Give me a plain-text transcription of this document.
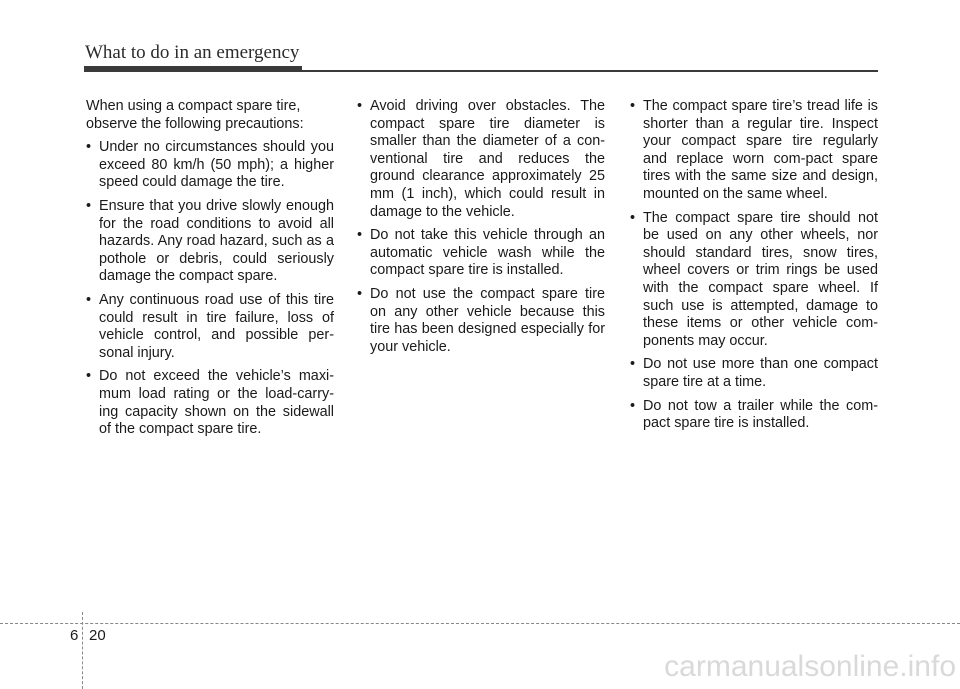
What to do in an emergency

When using a compact spare tire, observe the following precautions:

• Under no circumstances should you exceed 80 km/h (50 mph); a higher speed could damage the tire.
• Ensure that you drive slowly enough for the road conditions to avoid all hazards. Any road hazard, such as a pothole or debris, could seriously damage the compact spare.
• Any continuous road use of this tire could result in tire failure, loss of vehicle control, and possible per-sonal injury.
• Do not exceed the vehicle’s maxi-mum load rating or the load-carry-ing capacity shown on the sidewall of the compact spare tire.
• Avoid driving over obstacles. The compact spare tire diameter is smaller than the diameter of a con-ventional tire and reduces the ground clearance approximately 25 mm (1 inch), which could result in damage to the vehicle.
• Do not take this vehicle through an automatic vehicle wash while the compact spare tire is installed.
• Do not use the compact spare tire on any other vehicle because this tire has been designed especially for your vehicle.
• The compact spare tire’s tread life is shorter than a regular tire. Inspect your compact spare tire regularly and replace worn com-pact spare tires with the same size and design, mounted on the same wheel.
• The compact spare tire should not be used on any other wheels, nor should standard tires, snow tires, wheel covers or trim rings be used with the compact spare wheel. If such use is attempted, damage to these items or other vehicle com-ponents may occur.
• Do not use more than one compact spare tire at a time.
• Do not tow a trailer while the com-pact spare tire is installed.
6 20
carmanualsonline.info
